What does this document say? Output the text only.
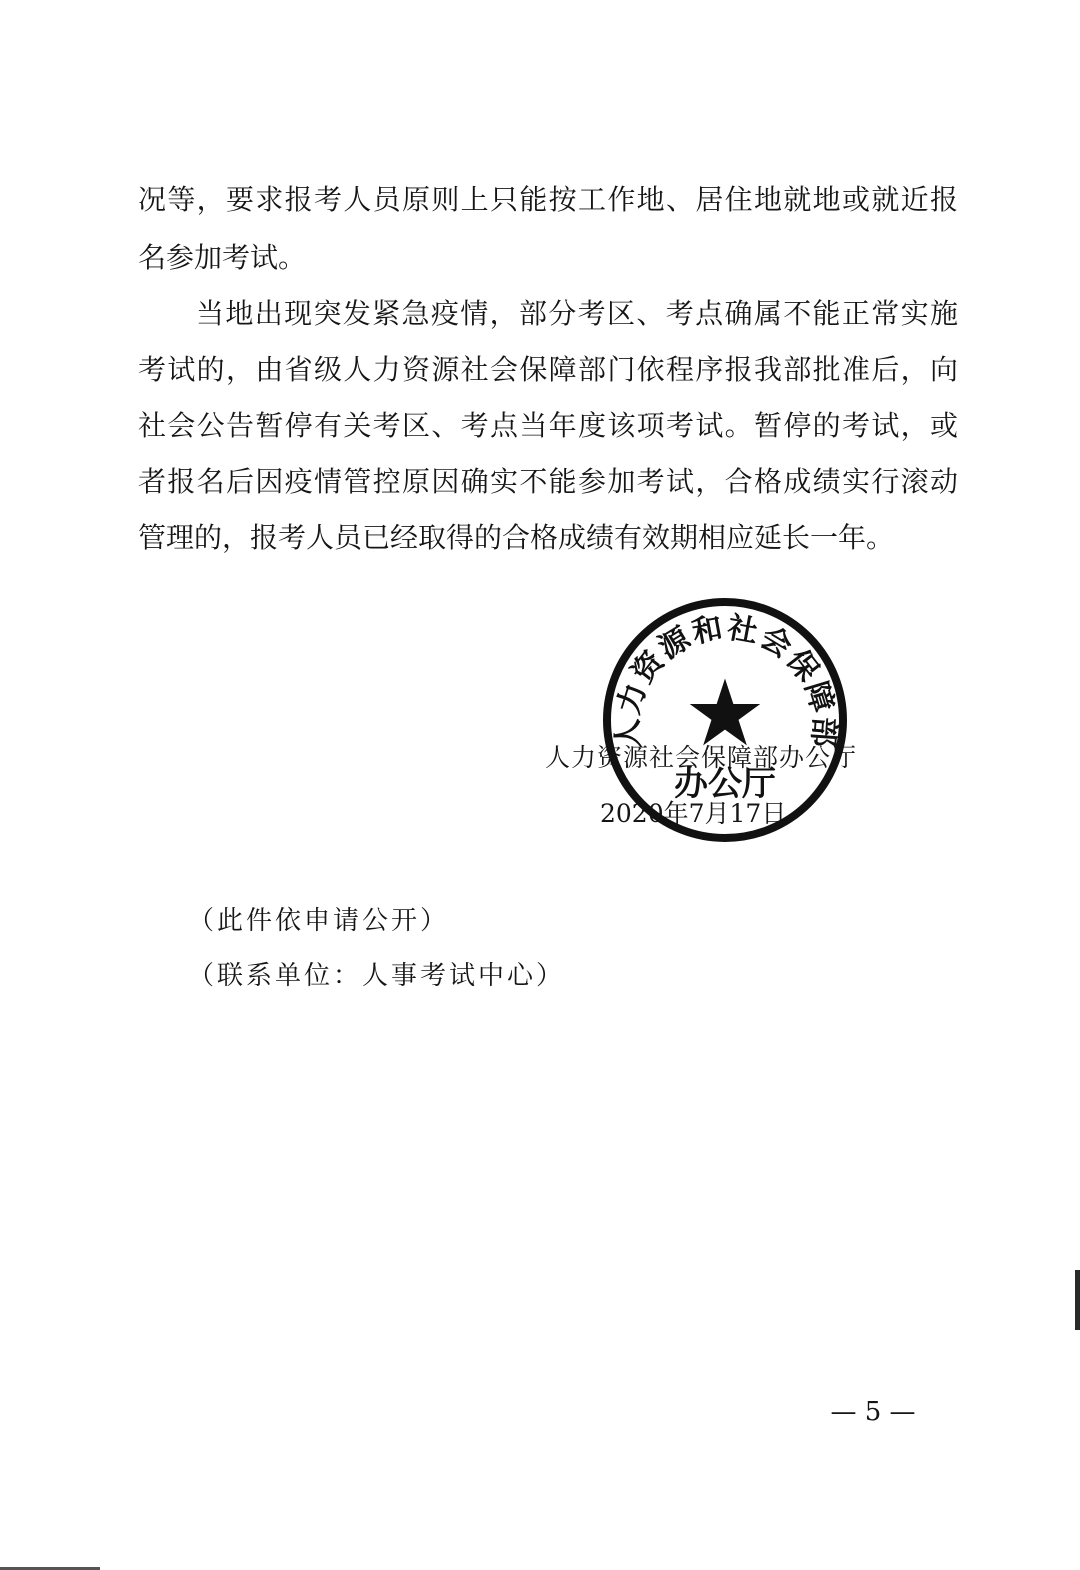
况等，要求报考人员原则上只能按工作地、居住地就地或就近报
名参加考试。
当地出现突发紧急疫情，部分考区、考点确属不能正常实施
考试的，由省级人力资源社会保障部门依程序报我部批准后，向
社会公告暂停有关考区、考点当年度该项考试。暂停的考试，或
者报名后因疫情管控原因确实不能参加考试，合格成绩实行滚动
管理的，报考人员已经取得的合格成绩有效期相应延长一年。
人力资源社会保障部办公厅
2020年7月17日
人力资源和社会保障部
★
办公厅
（此件依申请公开）
（联系单位：人事考试中心）
— 5 —
